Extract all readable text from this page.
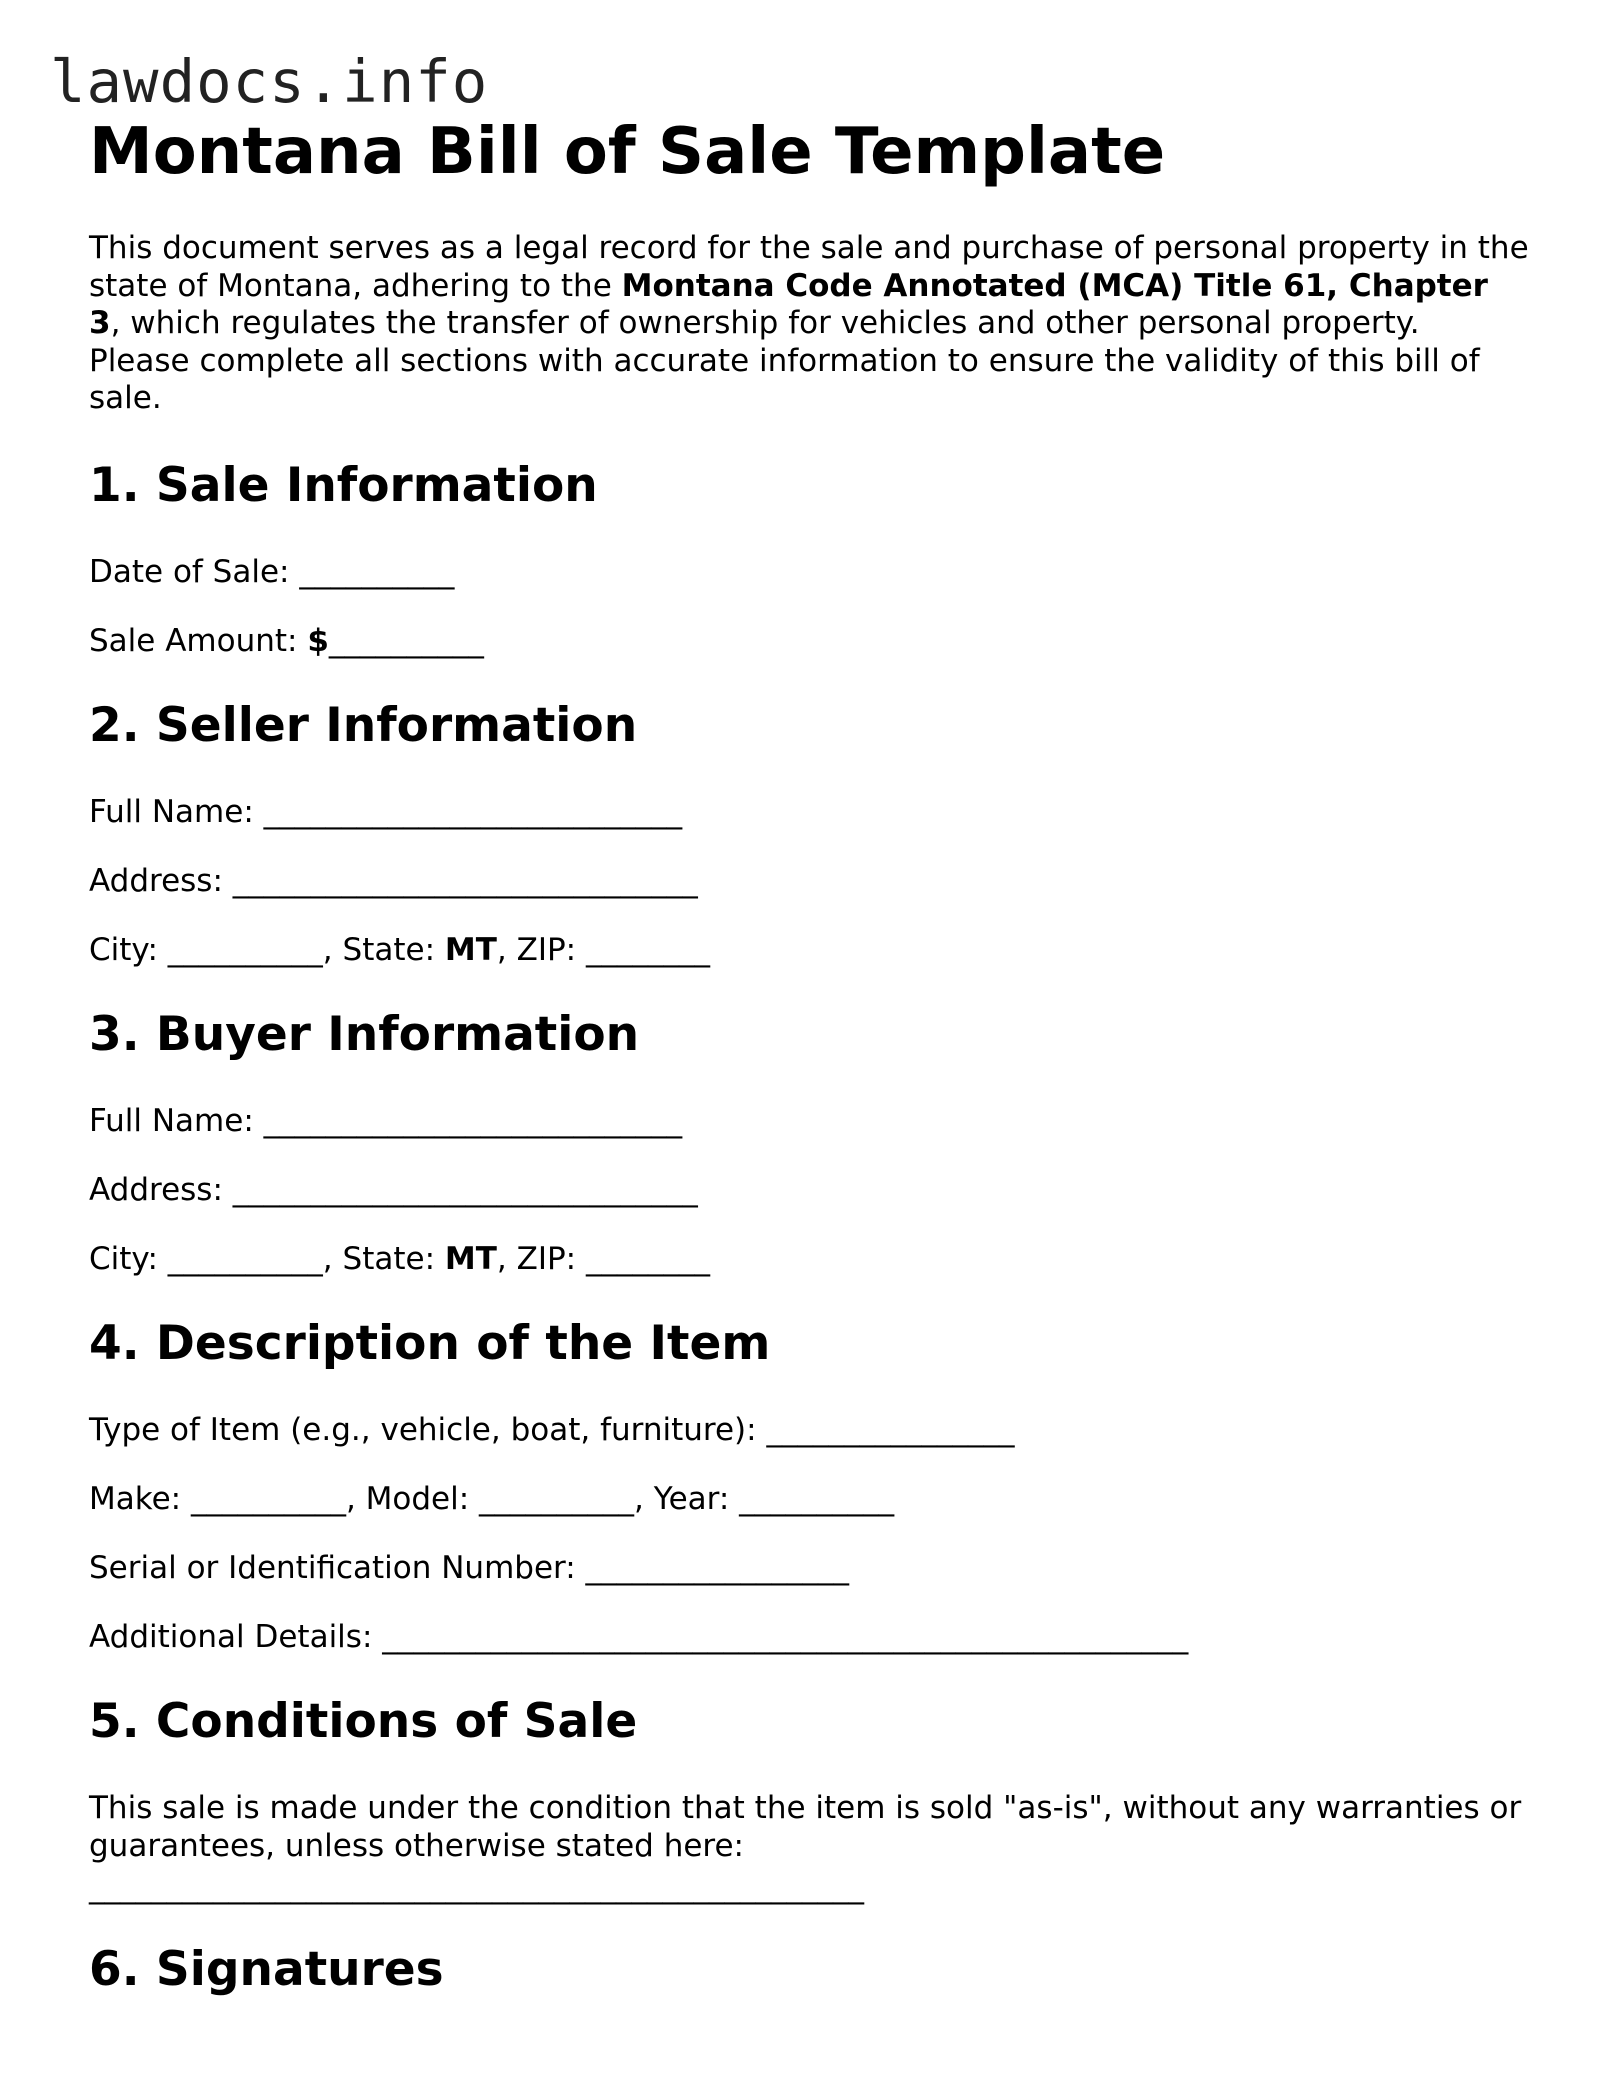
lawdocs.info
Montana Bill of Sale Template

This document serves as a legal record for the sale and purchase of personal property in the state of Montana, adhering to the Montana Code Annotated (MCA) Title 61, Chapter 3, which regulates the transfer of ownership for vehicles and other personal property. Please complete all sections with accurate information to ensure the validity of this bill of sale.

1. Sale Information

Date of Sale: __________

Sale Amount: $__________

2. Seller Information

Full Name: ___________________________

Address: ______________________________

City: __________, State: MT, ZIP: ________

3. Buyer Information

Full Name: ___________________________

Address: ______________________________

City: __________, State: MT, ZIP: ________

4. Description of the Item

Type of Item (e.g., vehicle, boat, furniture): ________________

Make: __________, Model: __________, Year: __________

Serial or Identification Number: _________________

Additional Details: ____________________________________________________

5. Conditions of Sale

This sale is made under the condition that the item is sold "as-is", without any warranties or guarantees, unless otherwise stated here:

__________________________________________________

6. Signatures
